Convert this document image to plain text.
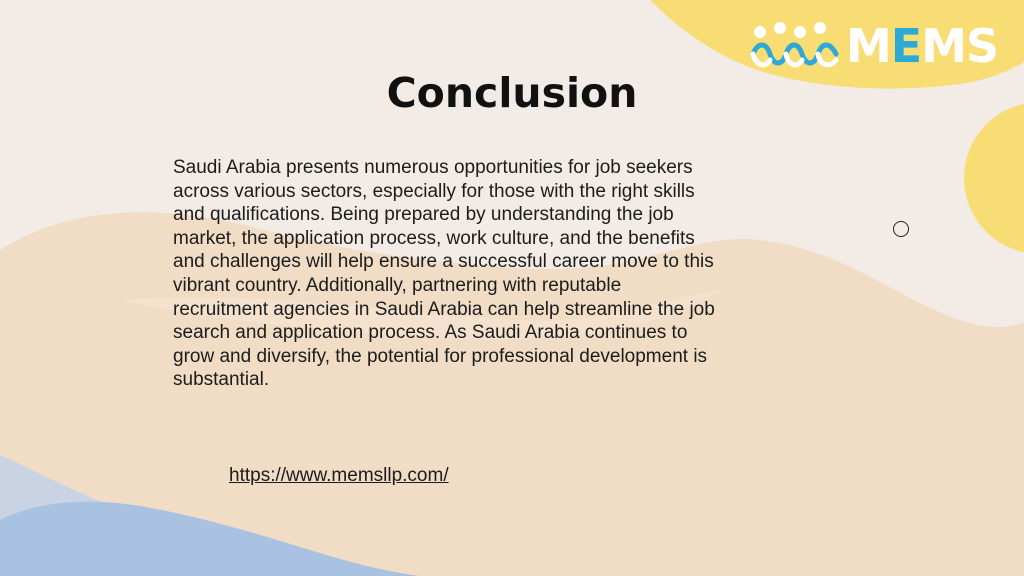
MEMS
Conclusion

Saudi Arabia presents numerous opportunities for job seekers across various sectors, especially for those with the right skills and qualifications. Being prepared by understanding the job market, the application process, work culture, and the benefits and challenges will help ensure a successful career move to this vibrant country. Additionally, partnering with reputable recruitment agencies in Saudi Arabia can help streamline the job search and application process. As Saudi Arabia continues to grow and diversify, the potential for professional development is substantial.

https://www.memsllp.com/
